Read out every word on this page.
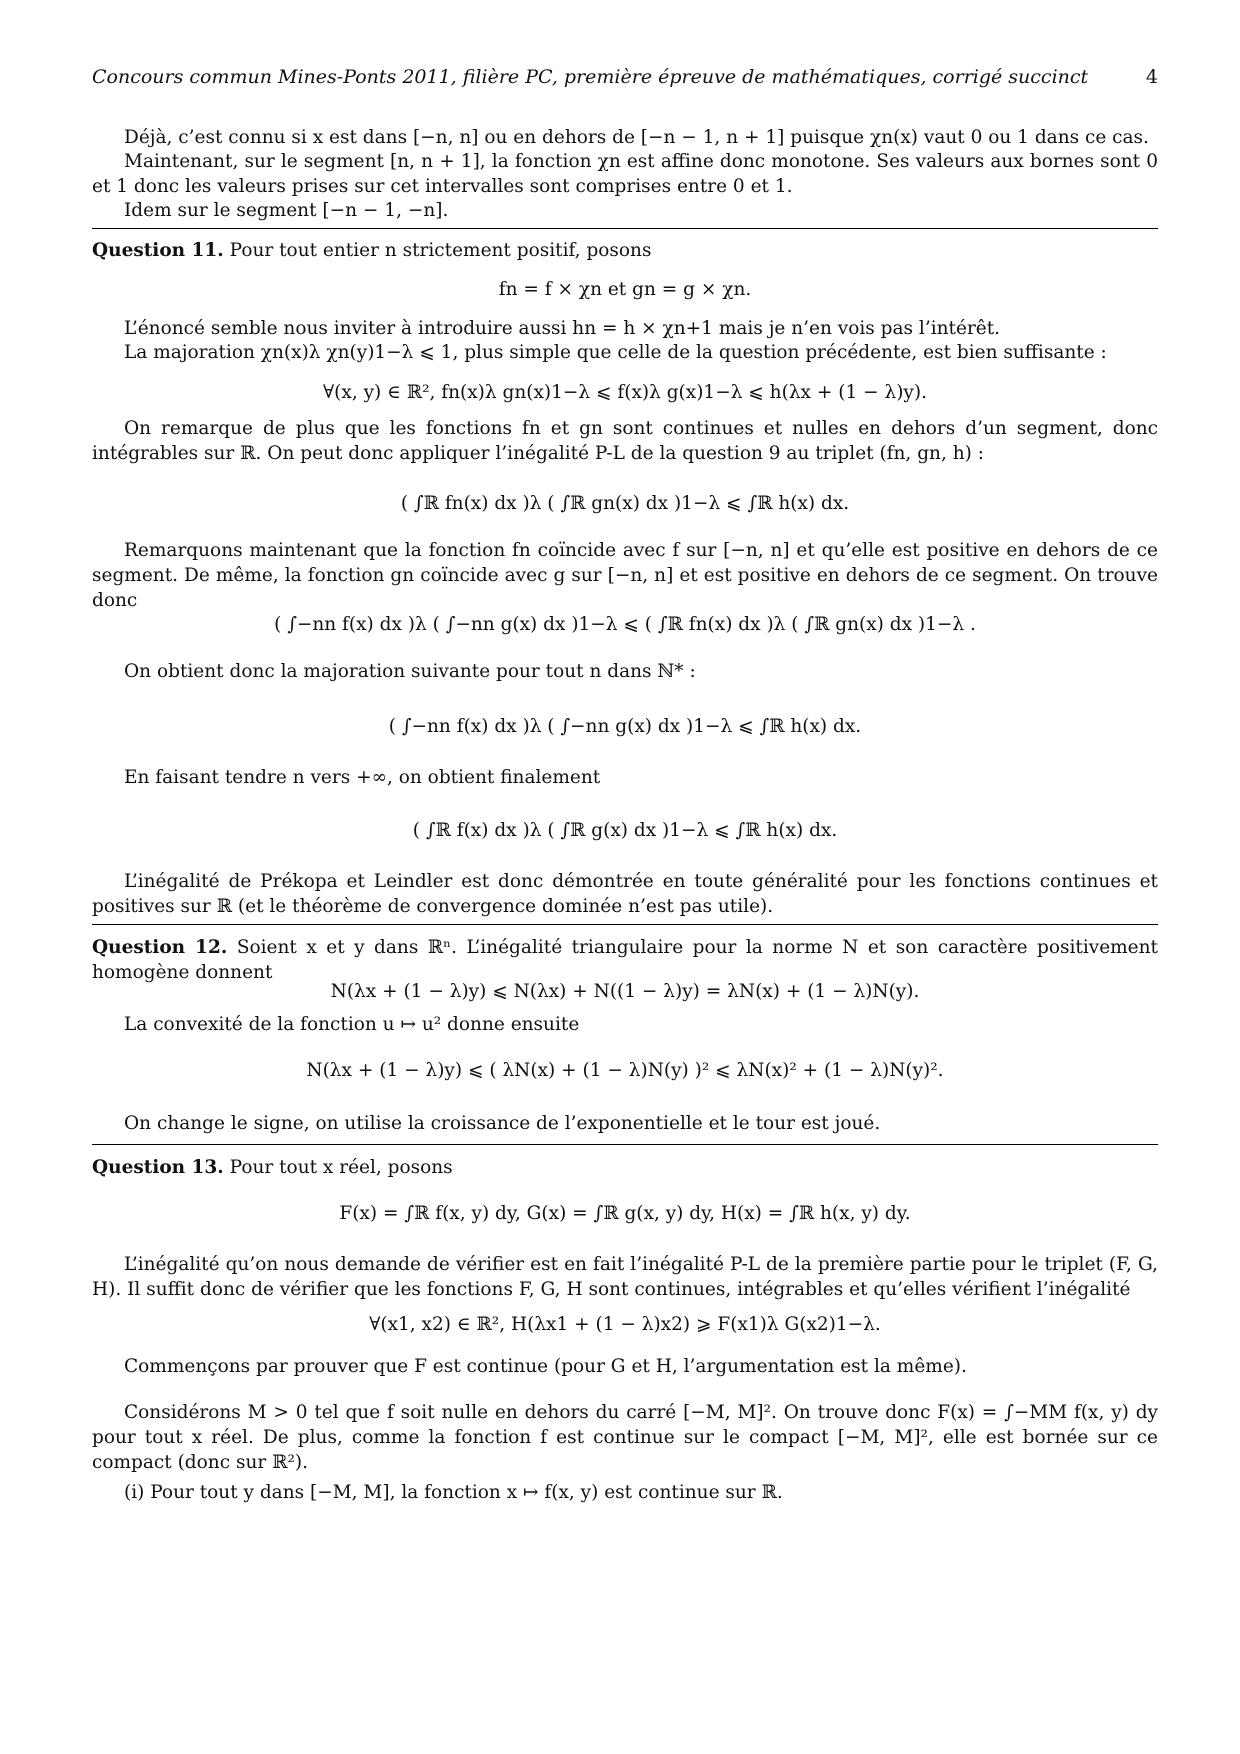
Concours commun Mines-Ponts 2011, filière PC, première épreuve de mathématiques, corrigé succinct	4
Déjà, c’est connu si x est dans [−n, n] ou en dehors de [−n − 1, n + 1] puisque χn(x) vaut 0 ou 1 dans ce cas.
Maintenant, sur le segment [n, n + 1], la fonction χn est affine donc monotone. Ses valeurs aux bornes sont 0 et 1 donc les valeurs prises sur cet intervalles sont comprises entre 0 et 1.
Idem sur le segment [−n − 1, −n].
Question 11. Pour tout entier n strictement positif, posons
fn = f × χn et gn = g × χn.
L’énoncé semble nous inviter à introduire aussi hn = h × χn+1 mais je n’en vois pas l’intérêt.
La majoration χn(x)λ χn(y)1−λ ⩽ 1, plus simple que celle de la question précédente, est bien suffisante :
∀(x, y) ∈ ℝ², fn(x)λ gn(x)1−λ ⩽ f(x)λ g(x)1−λ ⩽ h(λx + (1 − λ)y).
On remarque de plus que les fonctions fn et gn sont continues et nulles en dehors d’un segment, donc intégrables sur ℝ. On peut donc appliquer l’inégalité P-L de la question 9 au triplet (fn, gn, h) :
( ∫ℝ fn(x) dx )λ ( ∫ℝ gn(x) dx )1−λ ⩽ ∫ℝ h(x) dx.
Remarquons maintenant que la fonction fn coïncide avec f sur [−n, n] et qu’elle est positive en dehors de ce segment. De même, la fonction gn coïncide avec g sur [−n, n] et est positive en dehors de ce segment. On trouve donc
( ∫−nn f(x) dx )λ ( ∫−nn g(x) dx )1−λ ⩽ ( ∫ℝ fn(x) dx )λ ( ∫ℝ gn(x) dx )1−λ .
On obtient donc la majoration suivante pour tout n dans ℕ* :
( ∫−nn f(x) dx )λ ( ∫−nn g(x) dx )1−λ ⩽ ∫ℝ h(x) dx.
En faisant tendre n vers +∞, on obtient finalement
( ∫ℝ f(x) dx )λ ( ∫ℝ g(x) dx )1−λ ⩽ ∫ℝ h(x) dx.
L’inégalité de Prékopa et Leindler est donc démontrée en toute généralité pour les fonctions continues et positives sur ℝ (et le théorème de convergence dominée n’est pas utile).
Question 12. Soient x et y dans ℝⁿ. L’inégalité triangulaire pour la norme N et son caractère positivement homogène donnent
N(λx + (1 − λ)y) ⩽ N(λx) + N((1 − λ)y) = λN(x) + (1 − λ)N(y).
La convexité de la fonction u ↦ u² donne ensuite
N(λx + (1 − λ)y) ⩽ ( λN(x) + (1 − λ)N(y) )² ⩽ λN(x)² + (1 − λ)N(y)².
On change le signe, on utilise la croissance de l’exponentielle et le tour est joué.
Question 13. Pour tout x réel, posons
F(x) = ∫ℝ f(x, y) dy, G(x) = ∫ℝ g(x, y) dy, H(x) = ∫ℝ h(x, y) dy.
L’inégalité qu’on nous demande de vérifier est en fait l’inégalité P-L de la première partie pour le triplet (F, G, H). Il suffit donc de vérifier que les fonctions F, G, H sont continues, intégrables et qu’elles vérifient l’inégalité
∀(x1, x2) ∈ ℝ², H(λx1 + (1 − λ)x2) ⩾ F(x1)λ G(x2)1−λ.
Commençons par prouver que F est continue (pour G et H, l’argumentation est la même).
Considérons M > 0 tel que f soit nulle en dehors du carré [−M, M]². On trouve donc F(x) = ∫−MM f(x, y) dy pour tout x réel. De plus, comme la fonction f est continue sur le compact [−M, M]², elle est bornée sur ce compact (donc sur ℝ²).
(i) Pour tout y dans [−M, M], la fonction x ↦ f(x, y) est continue sur ℝ.
